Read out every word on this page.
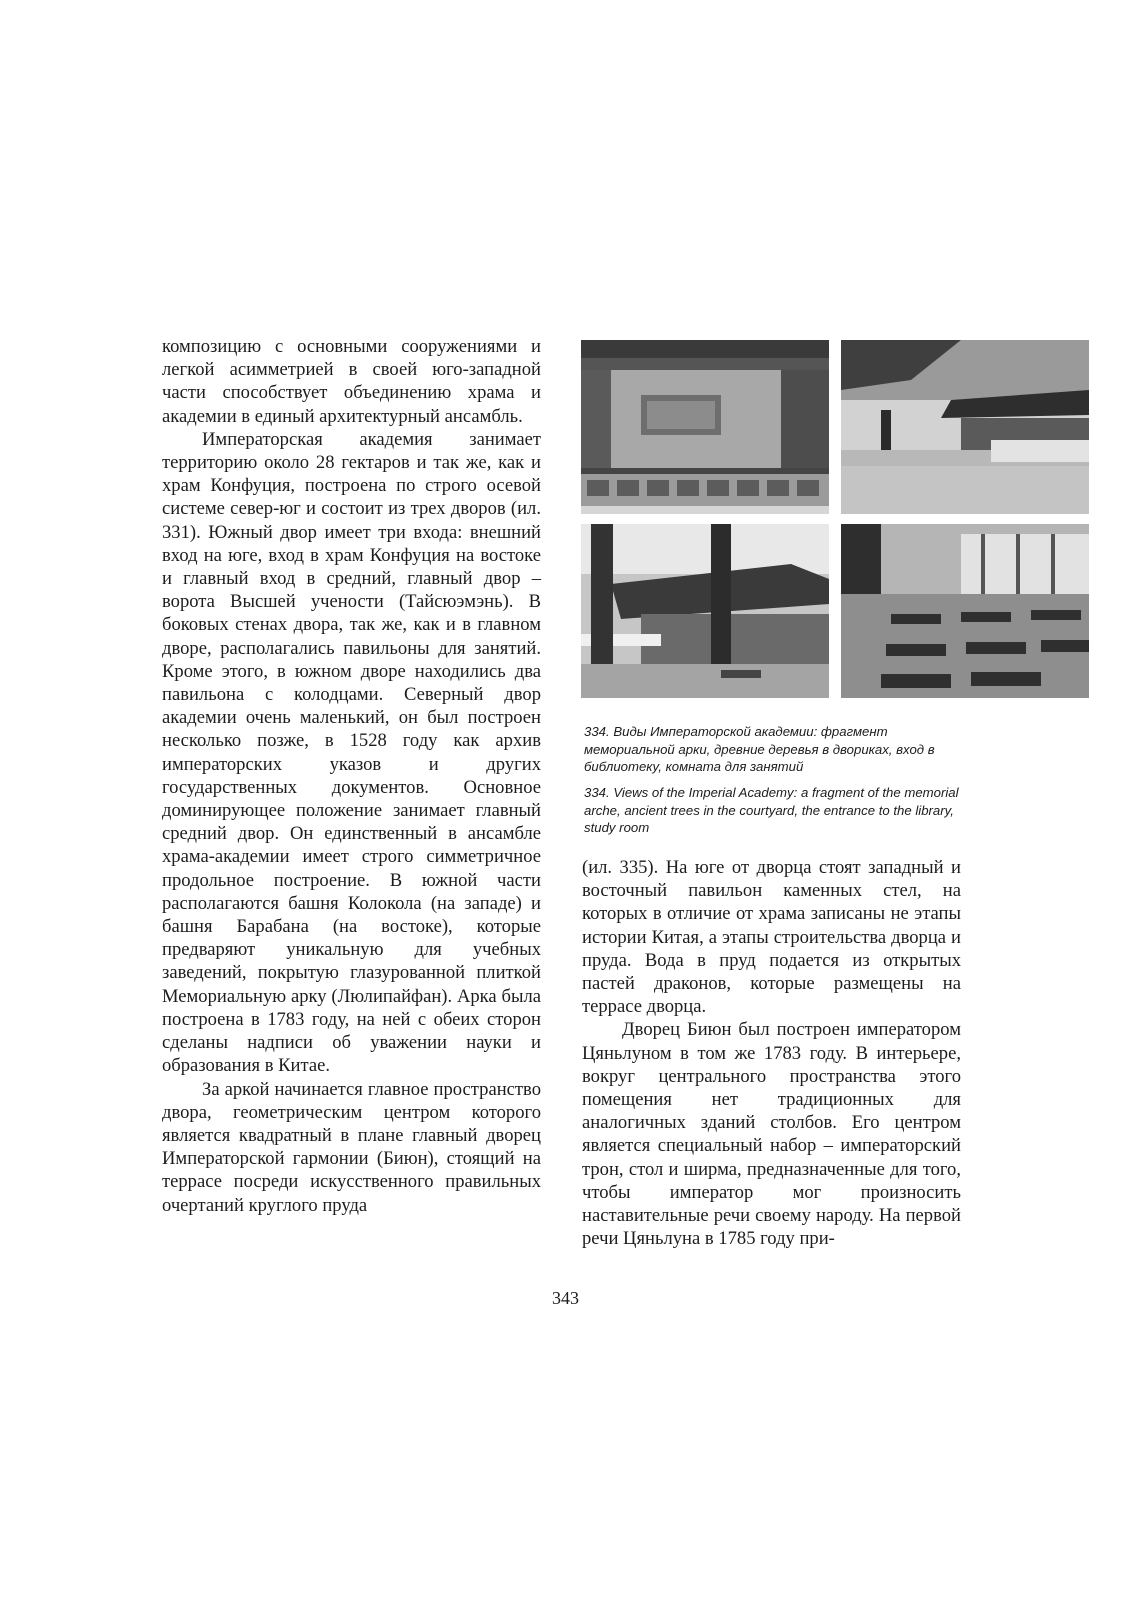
композицию с основными сооружениями и легкой асимметрией в своей юго-западной части способствует объединению храма и академии в единый архитектурный ансамбль.

Императорская академия занимает территорию около 28 гектаров и так же, как и храм Конфуция, построена по строго осевой системе север-юг и состоит из трех дворов (ил. 331). Южный двор имеет три входа: внешний вход на юге, вход в храм Конфуция на востоке и главный вход в средний, главный двор – ворота Высшей учености (Тайсюэмэнь). В боковых стенах двора, так же, как и в главном дворе, располагались павильоны для занятий. Кроме этого, в южном дворе находились два павильона с колодцами. Северный двор академии очень маленький, он был построен несколько позже, в 1528 году как архив императорских указов и других государственных документов. Основное доминирующее положение занимает главный средний двор. Он единственный в ансамбле храма-академии имеет строго симметричное продольное построение. В южной части располагаются башня Колокола (на западе) и башня Барабана (на востоке), которые предваряют уникальную для учебных заведений, покрытую глазурованной плиткой Мемориальную арку (Люлипайфан). Арка была построена в 1783 году, на ней с обеих сторон сделаны надписи об уважении науки и образования в Китае.

За аркой начинается главное пространство двора, геометрическим центром которого является квадратный в плане главный дворец Императорской гармонии (Биюн), стоящий на террасе посреди искусственного правильных очертаний круглого пруда

334. Виды Императорской академии: фрагмент мемориальной арки, древние деревья в двориках, вход в библиотеку, комната для занятий
334. Views of the Imperial Academy: a fragment of the memorial arche, ancient trees in the courtyard, the entrance to the library, study room

(ил. 335). На юге от дворца стоят западный и восточный павильон каменных стел, на которых в отличие от храма записаны не этапы истории Китая, а этапы строительства дворца и пруда. Вода в пруд подается из открытых пастей драконов, которые размещены на террасе дворца.

Дворец Биюн был построен императором Цяньлуном в том же 1783 году. В интерьере, вокруг центрального пространства этого помещения нет традиционных для аналогичных зданий столбов. Его центром является специальный набор – императорский трон, стол и ширма, предназначенные для того, чтобы император мог произносить наставительные речи своему народу. На первой речи Цяньлуна в 1785 году при-

343
